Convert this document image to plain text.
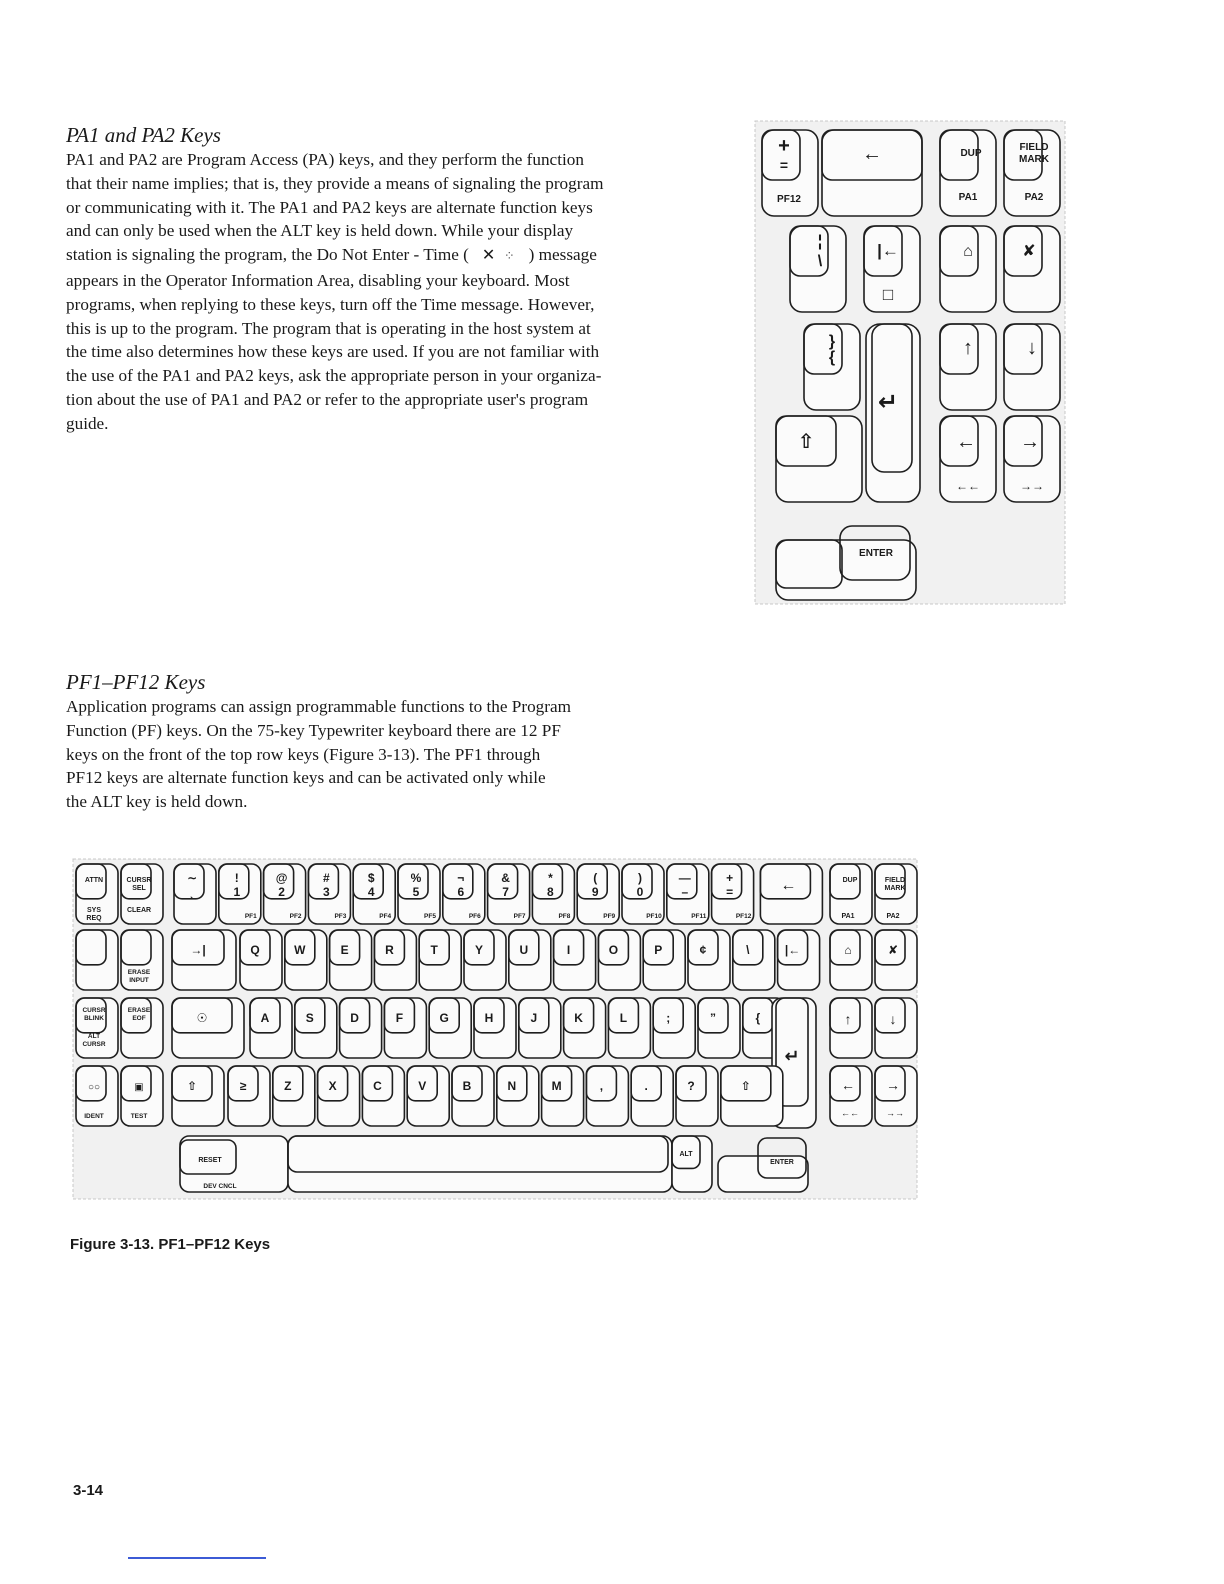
PA1 and PA2 Keys
PA1 and PA2 are Program Access (PA) keys, and they perform the function
that their name implies; that is, they provide a means of signaling the program
or communicating with it. The PA1 and PA2 keys are alternate function keys
and can only be used when the ALT key is held down. While your display
station is signaling the program, the Do Not Enter - Time ( ✕ ⁘ ) message
appears in the Operator Information Area, disabling your keyboard. Most
programs, when replying to these keys, turn off the Time message. However,
this is up to the program. The program that is operating in the host system at
the time also determines how these keys are used. If you are not familiar with
the use of the PA1 and PA2 keys, ask the appropriate person in your organiza-
tion about the use of PA1 and PA2 or refer to the appropriate user's program
guide.
+
=
PF12
←	DUP
PA1
FIELD
MARK
PA2
¦
\
|←
□
⌂	✘
}
{
↵
↑	↓
⇧	←
←←
→
→→
ENTER
PF1–PF12 Keys
Application programs can assign programmable functions to the Program
Function (PF) keys. On the 75-key Typewriter keyboard there are 12 PF
keys on the front of the top row keys (Figure 3-13). The PF1 through
PF12 keys are alternate function keys and can be activated only while
the ALT key is held down.
ATTN
SYS
REQ
CURSR
SEL
CLEAR
∼
ˎ
!
1
PF1
@
2
PF2
#
3
PF3
$
4
PF4
%
5
PF5
¬
6
PF6
&
7
PF7
*
8
PF8
(
9
PF9
)
0
PF10
—
–
PF11
+
=
PF12
←	DUP
PA1
FIELD
MARK
PA2
ERASE
INPUT
→|	Q	W	E	R	T	Y	U	I	O	P	¢	\	|←	⌂	✘
CURSR
BLINK
ALT
CURSR
ERASE
EOF	☉	A	S	D	F	G	H	J	K	L	;	”	{
↵
↑	↓
○○
IDENT
▣
TEST
⇧	≥	Z	X	C	V	B	N	M	,	.	?	⇧	←
←←
→
→→
RESET
DEV CNCL
ALT
ENTER
Figure 3-13. PF1–PF12 Keys
3-14
